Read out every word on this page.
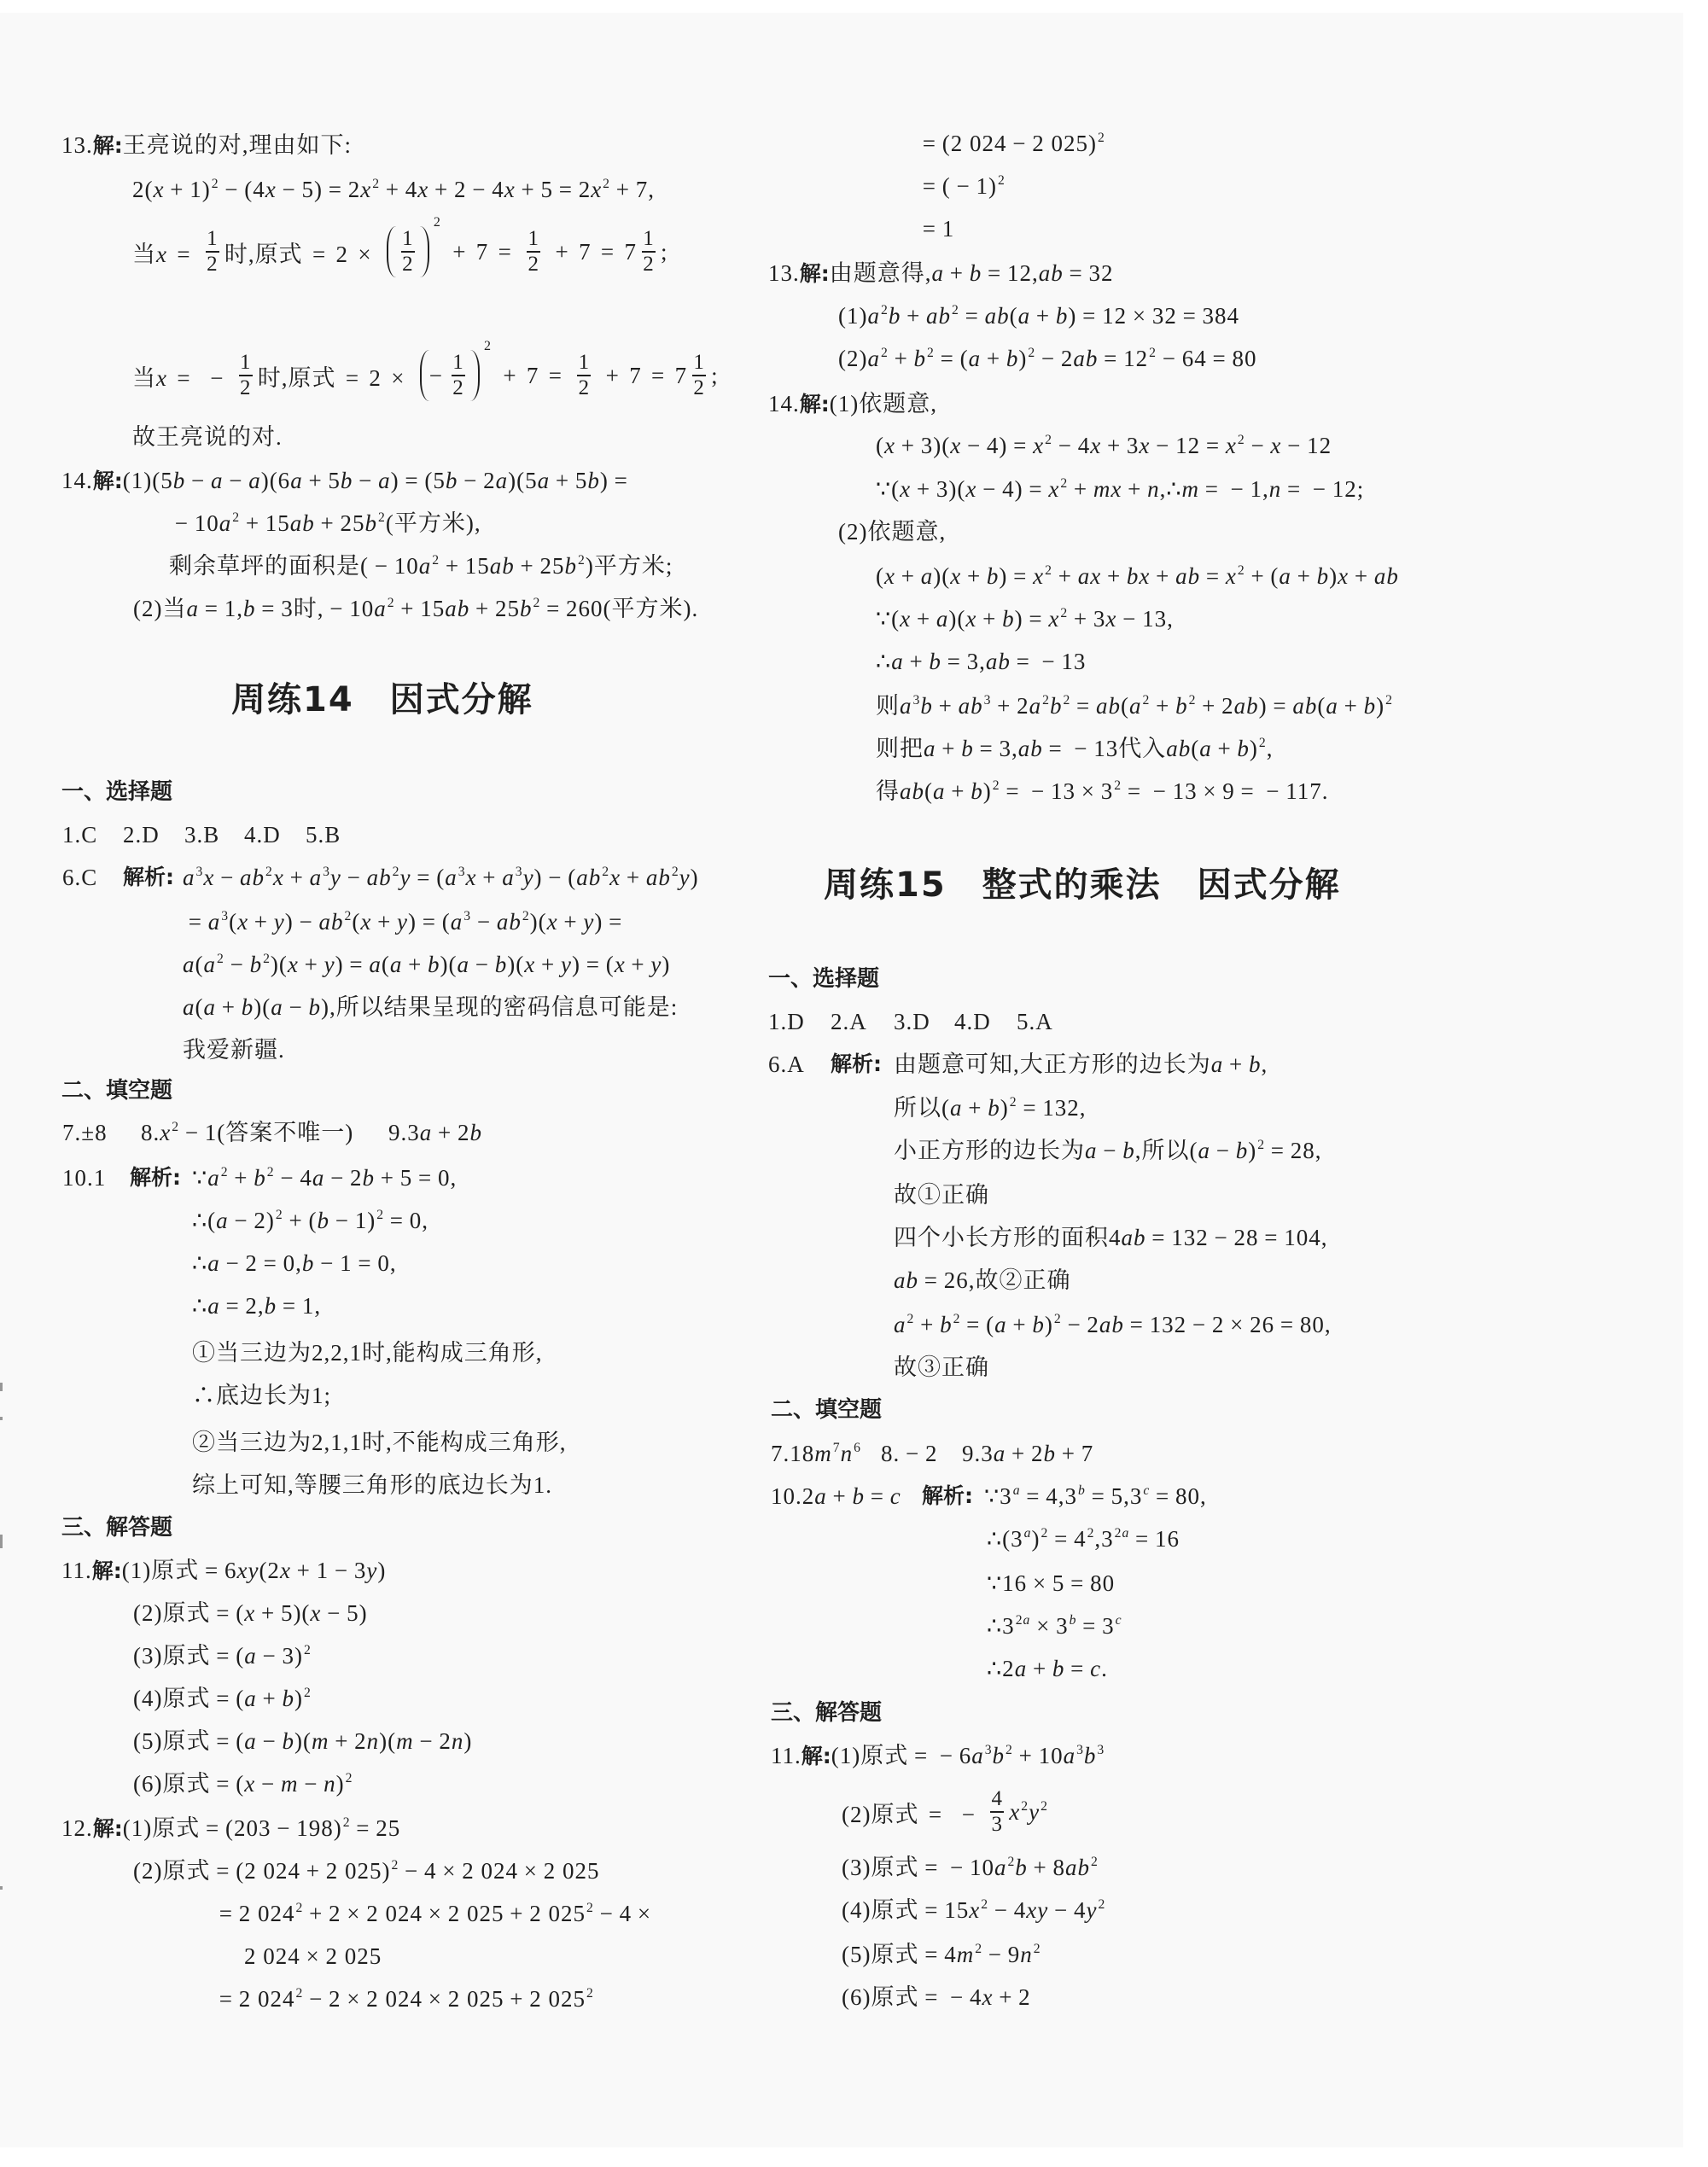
13. 解: 王亮说的对,理由如下:
$2(x + 1)^2 - (4x - 5) = 2x^2 + 4x + 2 - 4x + 5 = 2x^2 + 7$,
当$x = \frac{1}{2}$ 时,原式 = 2 ×	$\frac{1}{2}$
2
+ $7 = \frac{1}{2} + 7 = 7 \frac{1}{2}$ ;
当x = − $\frac{1}{2}$ 时,原式 = 2 ×	− $\frac{1}{2}$
2
+ $7 = \frac{1}{2} + 7 = 7 \frac{1}{2}$ ;
故王亮说的对.
14. 解: (1)(5b − a − a)(6a + 5b − a) = (5b − 2a)(5a + 5b) =
− $10a^2 + 15ab + 25b^2$(平方米),
剩余草坪的面积是( − $10a^2 + 15ab + 25b^2$)平方米;
(2)当a = 1,b = 3时, − $10a^2 + 15ab + 25b^2 = 260$(平方米).
周练14　因式分解
一、选择题
1.C 2.D 3.B 4.D 5.B
6.C 解析: $a^3x - ab^2x + a^3y - ab^2y = (a^3x + a^3y) - (ab^2x + ab^2y)$
= $a^3(x + y) - ab^2(x + y) = (a^3 - ab^2)(x + y)$ =
$a(a^2 - b^2)(x + y) = a(a + b)(a - b)(x + y) = (x + y)$
a(a + b)(a − b),所以结果呈现的密码信息可能是:
我爱新疆.
二、填空题
7.±8 $8.x^2 - 1$(答案不唯一) 9.3a + 2b
10.1 解析: $\because a^2 + b^2 - 4a - 2b + 5 = 0$,
∴(a − $2)^2 + (b - 1)^2 = 0$,
∴a − 2 = 0,b − 1 = 0,
∴a = 2,b = 1,
①当三边为2,2,1时,能构成三角形,
∴底边长为1;
②当三边为2,1,1时,不能构成三角形,
综上可知,等腰三角形的底边长为1.
三、解答题
11. 解: (1)原式 = 6xy(2x + 1 − 3y)
(2)原式 = (x + 5)(x − 5)
(3)原式 = $(a - 3)^2$
(4)原式 = $(a + b)^2$
(5)原式 = (a − b)(m + 2n)(m − 2n)
(6)原式 = $(x - m - n)^2$
12. 解: (1)原式 = $(203 - 198)^2 = 25$
(2)原式 = (2 024 + 2 025)$^2$ − 4 × 2 024 × 2 025
= 2 $024^2 + 2 \times 2$ 024 × 2 025 + 2 $025^2 - 4$ ×
2 024 × 2 025
= 2 $024^2 - 2 \times 2$ 024 × 2 025 + 2 $025^2$
= (2 024 − 2 025)$^2$
= ( − 1)$^2$
= 1
13. 解: 由题意得,a + b = 12,ab = 32
$(1)a^2b + ab^2 = ab(a + b) = 12 \times 32 = 384$
$(2)a^2 + b^2 = (a + b)^2 - 2ab = 12^2 - 64 = 80$
14. 解: (1)依题意,
$(x + 3)(x - 4) = x^2 - 4x + 3x - 12 = x^2 - x - 12$
∵(x + $3)(x - 4) = x^2$ + mx + n,∴m = − 1,n = − 12;
(2)依题意,
$(x + a)(x + b) = x^2$ + ax + bx + ab = $x^2 + (a + b)x$ + ab
∵(x + $a)(x + b) = x^2 + 3x - 13$,
∴a + b = 3,ab = − 13
则$a^3b + ab^3 + 2a^2b^2 = ab(a^2 + b^2 + 2ab) = ab(a + b)^2$
则把a + b = 3,ab = − 13代入$ab(a + b)^2$,
得$ab(a + b)^2$ = − $13 \times 3^2$ = − 13 × 9 = − 117.
周练15　整式的乘法　因式分解
一、选择题
1.D 2.A 3.D 4.D 5.A
6.A 解析: 由题意可知,大正方形的边长为a + b,
所以$(a + b)^2 = 132$,
小正方形的边长为a − b,所以$(a - b)^2 = 28$,
故①正确
四个小长方形的面积4ab = 132 − 28 = 104,
ab = 26,故②正确
$a^2 + b^2 = (a + b)^2 - 2ab = 132 - 2 \times 26 = 80$,
故③正确
二、填空题
$7.18m^7n^6$ 8. − 2 9.3a + 2b + 7
10.2a + b = c 解析: $\because 3^a = 4,3^b = 5,3^c = 80$,
$\therefore(3^a)^2 = 4^2,3^{2a} = 16$
∵16 × 5 = 80
$\therefore 3^{2a} \times 3^b = 3^c$
∴2a + b = c.
三、解答题
11. 解: (1)原式 = − $6a^3b^2 + 10a^3b^3$
(2)原式 = − $\frac{4}{3} x^2y^2$
(3)原式 = − $10a^2b + 8ab^2$
(4)原式 = $15x^2 - 4xy - 4y^2$
(5)原式 = $4m^2 - 9n^2$
(6)原式 = − 4x + 2
